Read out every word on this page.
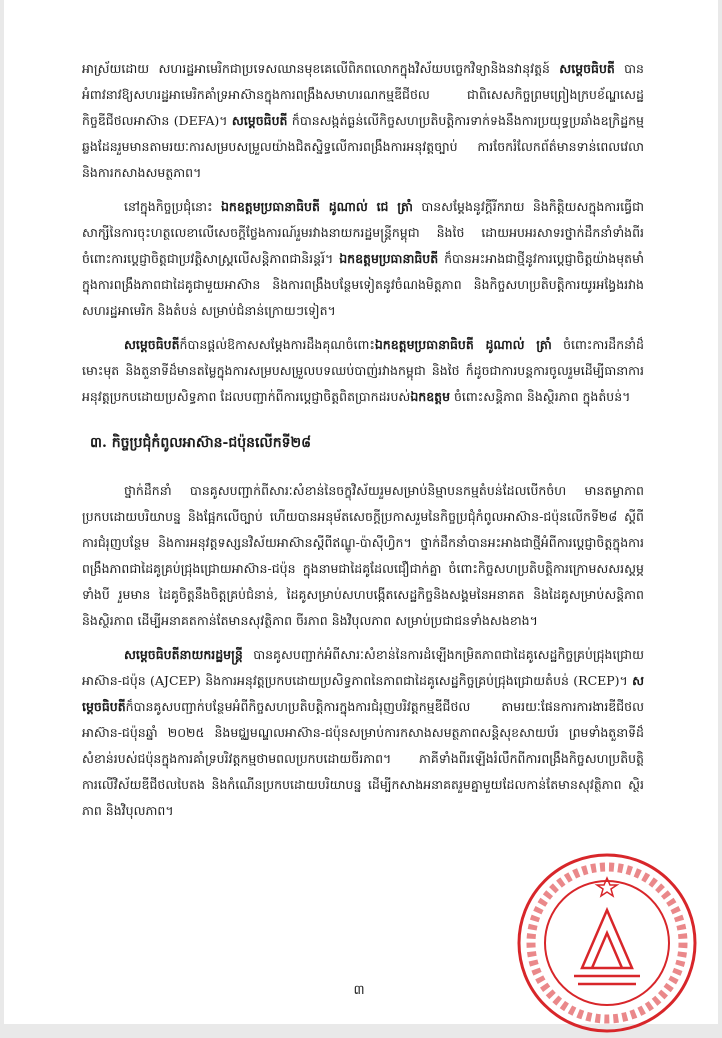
អាស្រ័យដោយ សហរដ្ឋអាមេរិកជាប្រទេសឈានមុខគេលើពិភពលោកក្នុងវិស័យបច្ចេកវិទ្យានិងនវានុវត្តន៍ សម្តេចធិបតី បានអំពាវនាវឱ្យសហរដ្ឋអាមេរិកគាំទ្រអាស៊ានក្នុងការពង្រឹងសមាហរណកម្មឌីជីថល ជាពិសេសកិច្ចព្រមព្រៀងក្របខ័ណ្ឌសេដ្ឋកិច្ចឌីជីថលអាស៊ាន (DEFA)។ សម្តេចធិបតី ក៏បានសង្កត់ធ្ងន់លើកិច្ចសហប្រតិបត្តិការទាក់ទងនឹងការប្រយុទ្ធប្រឆាំងឧក្រិដ្ឋកម្មឆ្លងដែនរួមមានតាមរយៈការសម្របសម្រួលយ៉ាងជិតស្និទ្ធលើការពង្រឹងការអនុវត្តច្បាប់ ការចែករំលែកព័ត៌មានទាន់ពេលវេលា និងការកសាងសមត្ថភាព។

នៅក្នុងកិច្ចប្រជុំនោះ ឯកឧត្តមប្រធានាធិបតី ដូណាល់ ជេ ត្រាំ បានសម្តែងនូវក្តីរីករាយ និងកិត្តិយសក្នុងការធ្វើជាសាក្សីនៃការចុះហត្ថលេខាលើសេចក្តីថ្លែងការណ៍រួមរវាងនាយករដ្ឋមន្ត្រីកម្ពុជា និងថៃ ដោយអបអរសាទរថ្នាក់ដឹកនាំទាំងពីរចំពោះការប្តេជ្ញាចិត្តជាប្រវត្តិសាស្ត្រលើសន្តិភាពជានិរន្តរ៍។ ឯកឧត្តមប្រធានាធិបតី ក៏បានអះអាងជាថ្មីនូវការប្តេជ្ញាចិត្តយ៉ាងមុតមាំ ក្នុងការពង្រឹងភាពជាដៃគូជាមួយអាស៊ាន និងការពង្រឹងបន្ថែមទៀតនូវចំណងមិត្តភាព និងកិច្ចសហប្រតិបត្តិការយូរអង្វែងរវាងសហរដ្ឋអាមេរិក និងតំបន់ សម្រាប់ជំនាន់ក្រោយៗទៀត។

សម្តេចធិបតីក៏បានផ្តល់ឱកាសសម្តែងការដឹងគុណចំពោះឯកឧត្តមប្រធានាធិបតី ដូណាល់ ត្រាំ ចំពោះការដឹកនាំដ៏មោះមុត និងតួនាទីដ៏មានតម្លៃក្នុងការសម្របសម្រួលបទឈប់បាញ់រវាងកម្ពុជា និងថៃ ក៏ដូចជាការបន្តការចូលរួមដើម្បីធានាការអនុវត្តប្រកបដោយប្រសិទ្ធភាព ដែលបញ្ជាក់ពីការប្តេជ្ញាចិត្តពិតប្រាកដរបស់ឯកឧត្តម ចំពោះសន្តិភាព និងស្ថិរភាព ក្នុងតំបន់។

៣. កិច្ចប្រជុំកំពូលអាស៊ាន-ជប៉ុនលើកទី២៨

ថ្នាក់ដឹកនាំ បានគូសបញ្ជាក់ពីសារៈសំខាន់នៃចក្ខុវិស័យរួមសម្រាប់និម្មាបនកម្មតំបន់ដែលបើកចំហ មានតម្លាភាព ប្រកបដោយបរិយាបន្ន និងផ្អែកលើច្បាប់ ហើយបានអនុម័តសេចក្តីប្រកាសរួមនៃកិច្ចប្រជុំកំពូលអាស៊ាន-ជប៉ុនលើកទី២៨ ស្តីពីការជំរុញបន្ថែម និងការអនុវត្តទស្សនវិស័យអាស៊ានស្តីពីឥណ្ឌូ-ប៉ាស៊ីហ្វិក។ ថ្នាក់ដឹកនាំបានអះអាងជាថ្មីអំពីការប្តេជ្ញាចិត្តក្នុងការពង្រឹងភាពជាដៃគូគ្រប់ជ្រុងជ្រោយអាស៊ាន-ជប៉ុន ក្នុងនាមជាដៃគូដែលជឿជាក់គ្នា ចំពោះកិច្ចសហប្រតិបត្តិការក្រោមសសរស្តម្ភទាំងបី រួមមាន ដៃគូចិត្តនឹងចិត្តគ្រប់ជំនាន់, ដៃគូសម្រាប់សហបង្កើតសេដ្ឋកិច្ចនិងសង្គមនៃអនាគត និងដៃគូសម្រាប់សន្តិភាព និងស្ថិរភាព ដើម្បីអនាគតកាន់តែមានសុវត្ថិភាព ចីរភាព និងវិបុលភាព សម្រាប់ប្រជាជនទាំងសងខាង។

សម្តេចធិបតីនាយករដ្ឋមន្ត្រី បានគូសបញ្ជាក់អំពីសារៈសំខាន់នៃការដំឡើងកម្រិតភាពជាដៃគូសេដ្ឋកិច្ចគ្រប់ជ្រុងជ្រោយអាស៊ាន-ជប៉ុន (AJCEP) និងការអនុវត្តប្រកបដោយប្រសិទ្ធភាពនៃភាពជាដៃគូសេដ្ឋកិច្ចគ្រប់ជ្រុងជ្រោយតំបន់ (RCEP)។ សម្តេចធិបតីក៏បានគូសបញ្ជាក់បន្ថែមអំពីកិច្ចសហប្រតិបត្តិការក្នុងការជំរុញបរិវត្តកម្មឌីជីថល តាមរយៈផែនការការងារឌីជីថលអាស៊ាន-ជប៉ុនឆ្នាំ ២០២៥ និងមជ្ឈមណ្ឌលអាស៊ាន-ជប៉ុនសម្រាប់ការកសាងសមត្ថភាពសន្តិសុខសាយប័រ ព្រមទាំងតួនាទីដ៏សំខាន់របស់ជប៉ុនក្នុងការគាំទ្របរិវត្តកម្មថាមពលប្រកបដោយចីរភាព។ ភាគីទាំងពីរឡើងរំលឹកពីការពង្រឹងកិច្ចសហប្រតិបត្តិការលើវិស័យឌីជីថលបៃតង និងកំណើនប្រកបដោយបរិយាបន្ន ដើម្បីកសាងអនាគតរួមគ្នាមួយដែលកាន់តែមានសុវត្ថិភាព ស្ថិរភាព និងវិបុលភាព។

៣
